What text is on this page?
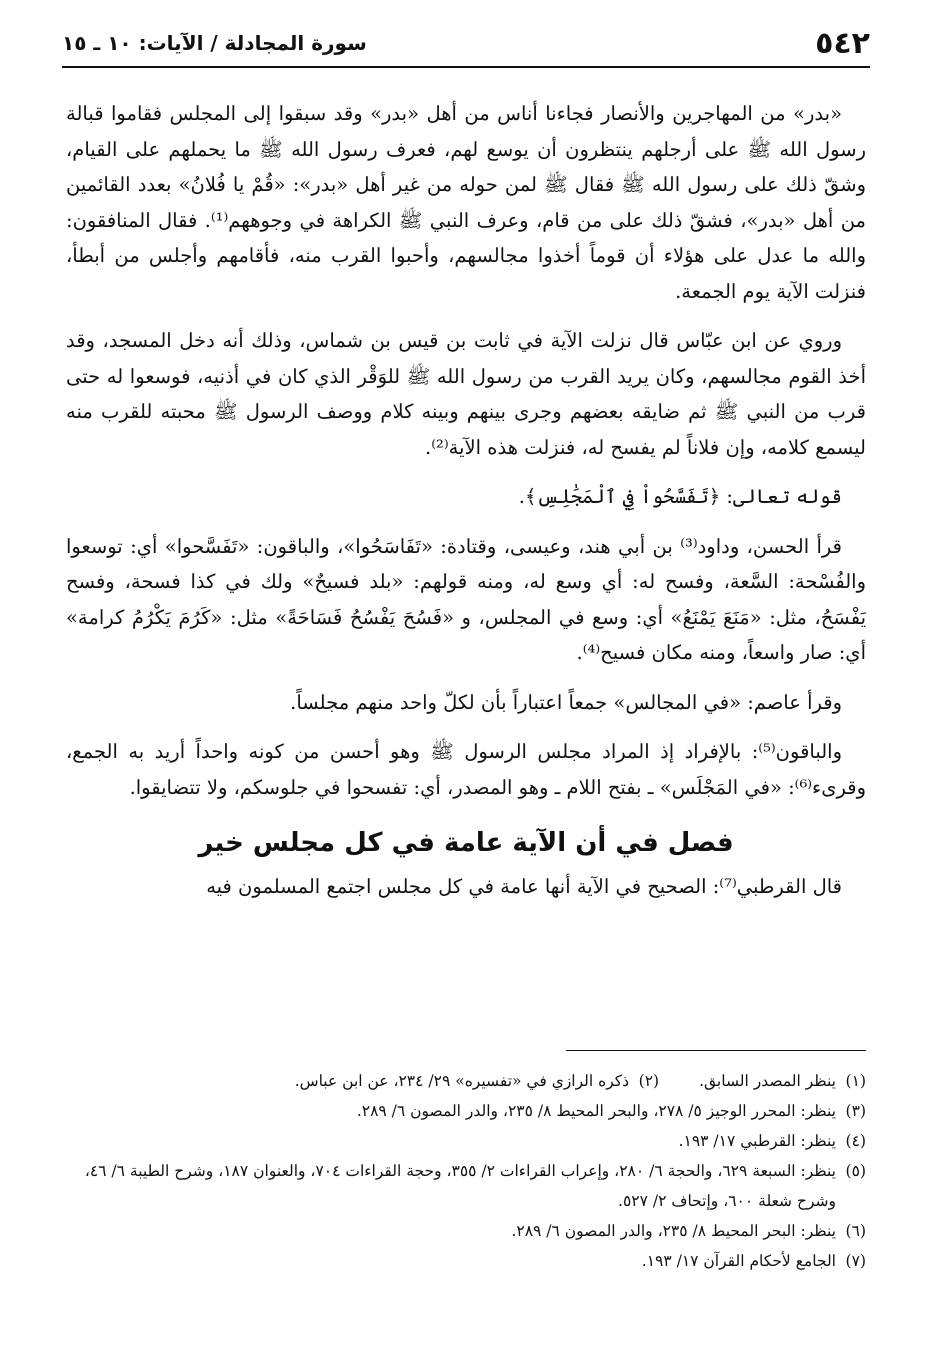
٥٤٢
سورة المجادلة / الآيات: ١٠ ـ ١٥

«بدر» من المهاجرين والأنصار فجاءنا أناس من أهل «بدر» وقد سبقوا إلى المجلس فقاموا قبالة رسول الله ﷺ على أرجلهم ينتظرون أن يوسع لهم، فعرف رسول الله ﷺ ما يحملهم على القيام، وشقّ ذلك على رسول الله ﷺ فقال ﷺ لمن حوله من غير أهل «بدر»: «قُمْ يا فُلانُ» بعدد القائمين من أهل «بدر»، فشقّ ذلك على من قام، وعرف النبي ﷺ الكراهة في وجوههم⁽¹⁾. فقال المنافقون: والله ما عدل على هؤلاء أن قوماً أخذوا مجالسهم، وأحبوا القرب منه، فأقامهم وأجلس من أبطأ، فنزلت الآية يوم الجمعة.

وروي عن ابن عبّاس قال نزلت الآية في ثابت بن قيس بن شماس، وذلك أنه دخل المسجد، وقد أخذ القوم مجالسهم، وكان يريد القرب من رسول الله ﷺ للوَقْر الذي كان في أذنيه، فوسعوا له حتى قرب من النبي ﷺ ثم ضايقه بعضهم وجرى بينهم وبينه كلام ووصف الرسول ﷺ محبته للقرب منه ليسمع كلامه، وإن فلاناً لم يفسح له، فنزلت هذه الآية⁽²⁾.

قوله تعالى: ﴿تَفَسَّحُواْ فِي ٱلْمَجَٰلِسِ﴾.

قرأ الحسن، وداود⁽³⁾ بن أبي هند، وعيسى، وقتادة: «تَفَاسَحُوا»، والباقون: «تَفَسَّحوا» أي: توسعوا والفُسْحة: السَّعة، وفسح له: أي وسع له، ومنه قولهم: «بلد فسيحٌ» ولك في كذا فسحة، وفسح يَفْسَحُ، مثل: «مَنَعَ يَمْنَعُ» أي: وسع في المجلس، و «فَسُحَ يَفْسُحُ فَسَاحَةً» مثل: «كَرُمَ يَكْرُمُ كرامة» أي: صار واسعاً، ومنه مكان فسيح⁽⁴⁾.

وقرأ عاصم: «في المجالس» جمعاً اعتباراً بأن لكلّ واحد منهم مجلساً.

والباقون⁽⁵⁾: بالإفراد إذ المراد مجلس الرسول ﷺ وهو أحسن من كونه واحداً أريد به الجمع، وقرىء⁽⁶⁾: «في المَجْلَس» ـ بفتح اللام ـ وهو المصدر، أي: تفسحوا في جلوسكم، ولا تتضايقوا.

فصل في أن الآية عامة في كل مجلس خير

قال القرطبي⁽⁷⁾: الصحيح في الآية أنها عامة في كل مجلس اجتمع المسلمون فيه

(١)
ينظر المصدر السابق.
(٢)
ذكره الرازي في «تفسيره» ٢٩/ ٢٣٤، عن ابن عباس.
(٣)
ينظر: المحرر الوجيز ٥/ ٢٧٨، والبحر المحيط ٨/ ٢٣٥، والدر المصون ٦/ ٢٨٩.
(٤)
ينظر: القرطبي ١٧/ ١٩٣.
(٥)
ينظر: السبعة ٦٢٩، والحجة ٦/ ٢٨٠، وإعراب القراءات ٢/ ٣٥٥، وحجة القراءات ٧٠٤، والعنوان ١٨٧، وشرح الطيبة ٦/ ٤٦، وشرح شعلة ٦٠٠، وإتحاف ٢/ ٥٢٧.
(٦)
ينظر: البحر المحيط ٨/ ٢٣٥، والدر المصون ٦/ ٢٨٩.
(٧)
الجامع لأحكام القرآن ١٧/ ١٩٣.
